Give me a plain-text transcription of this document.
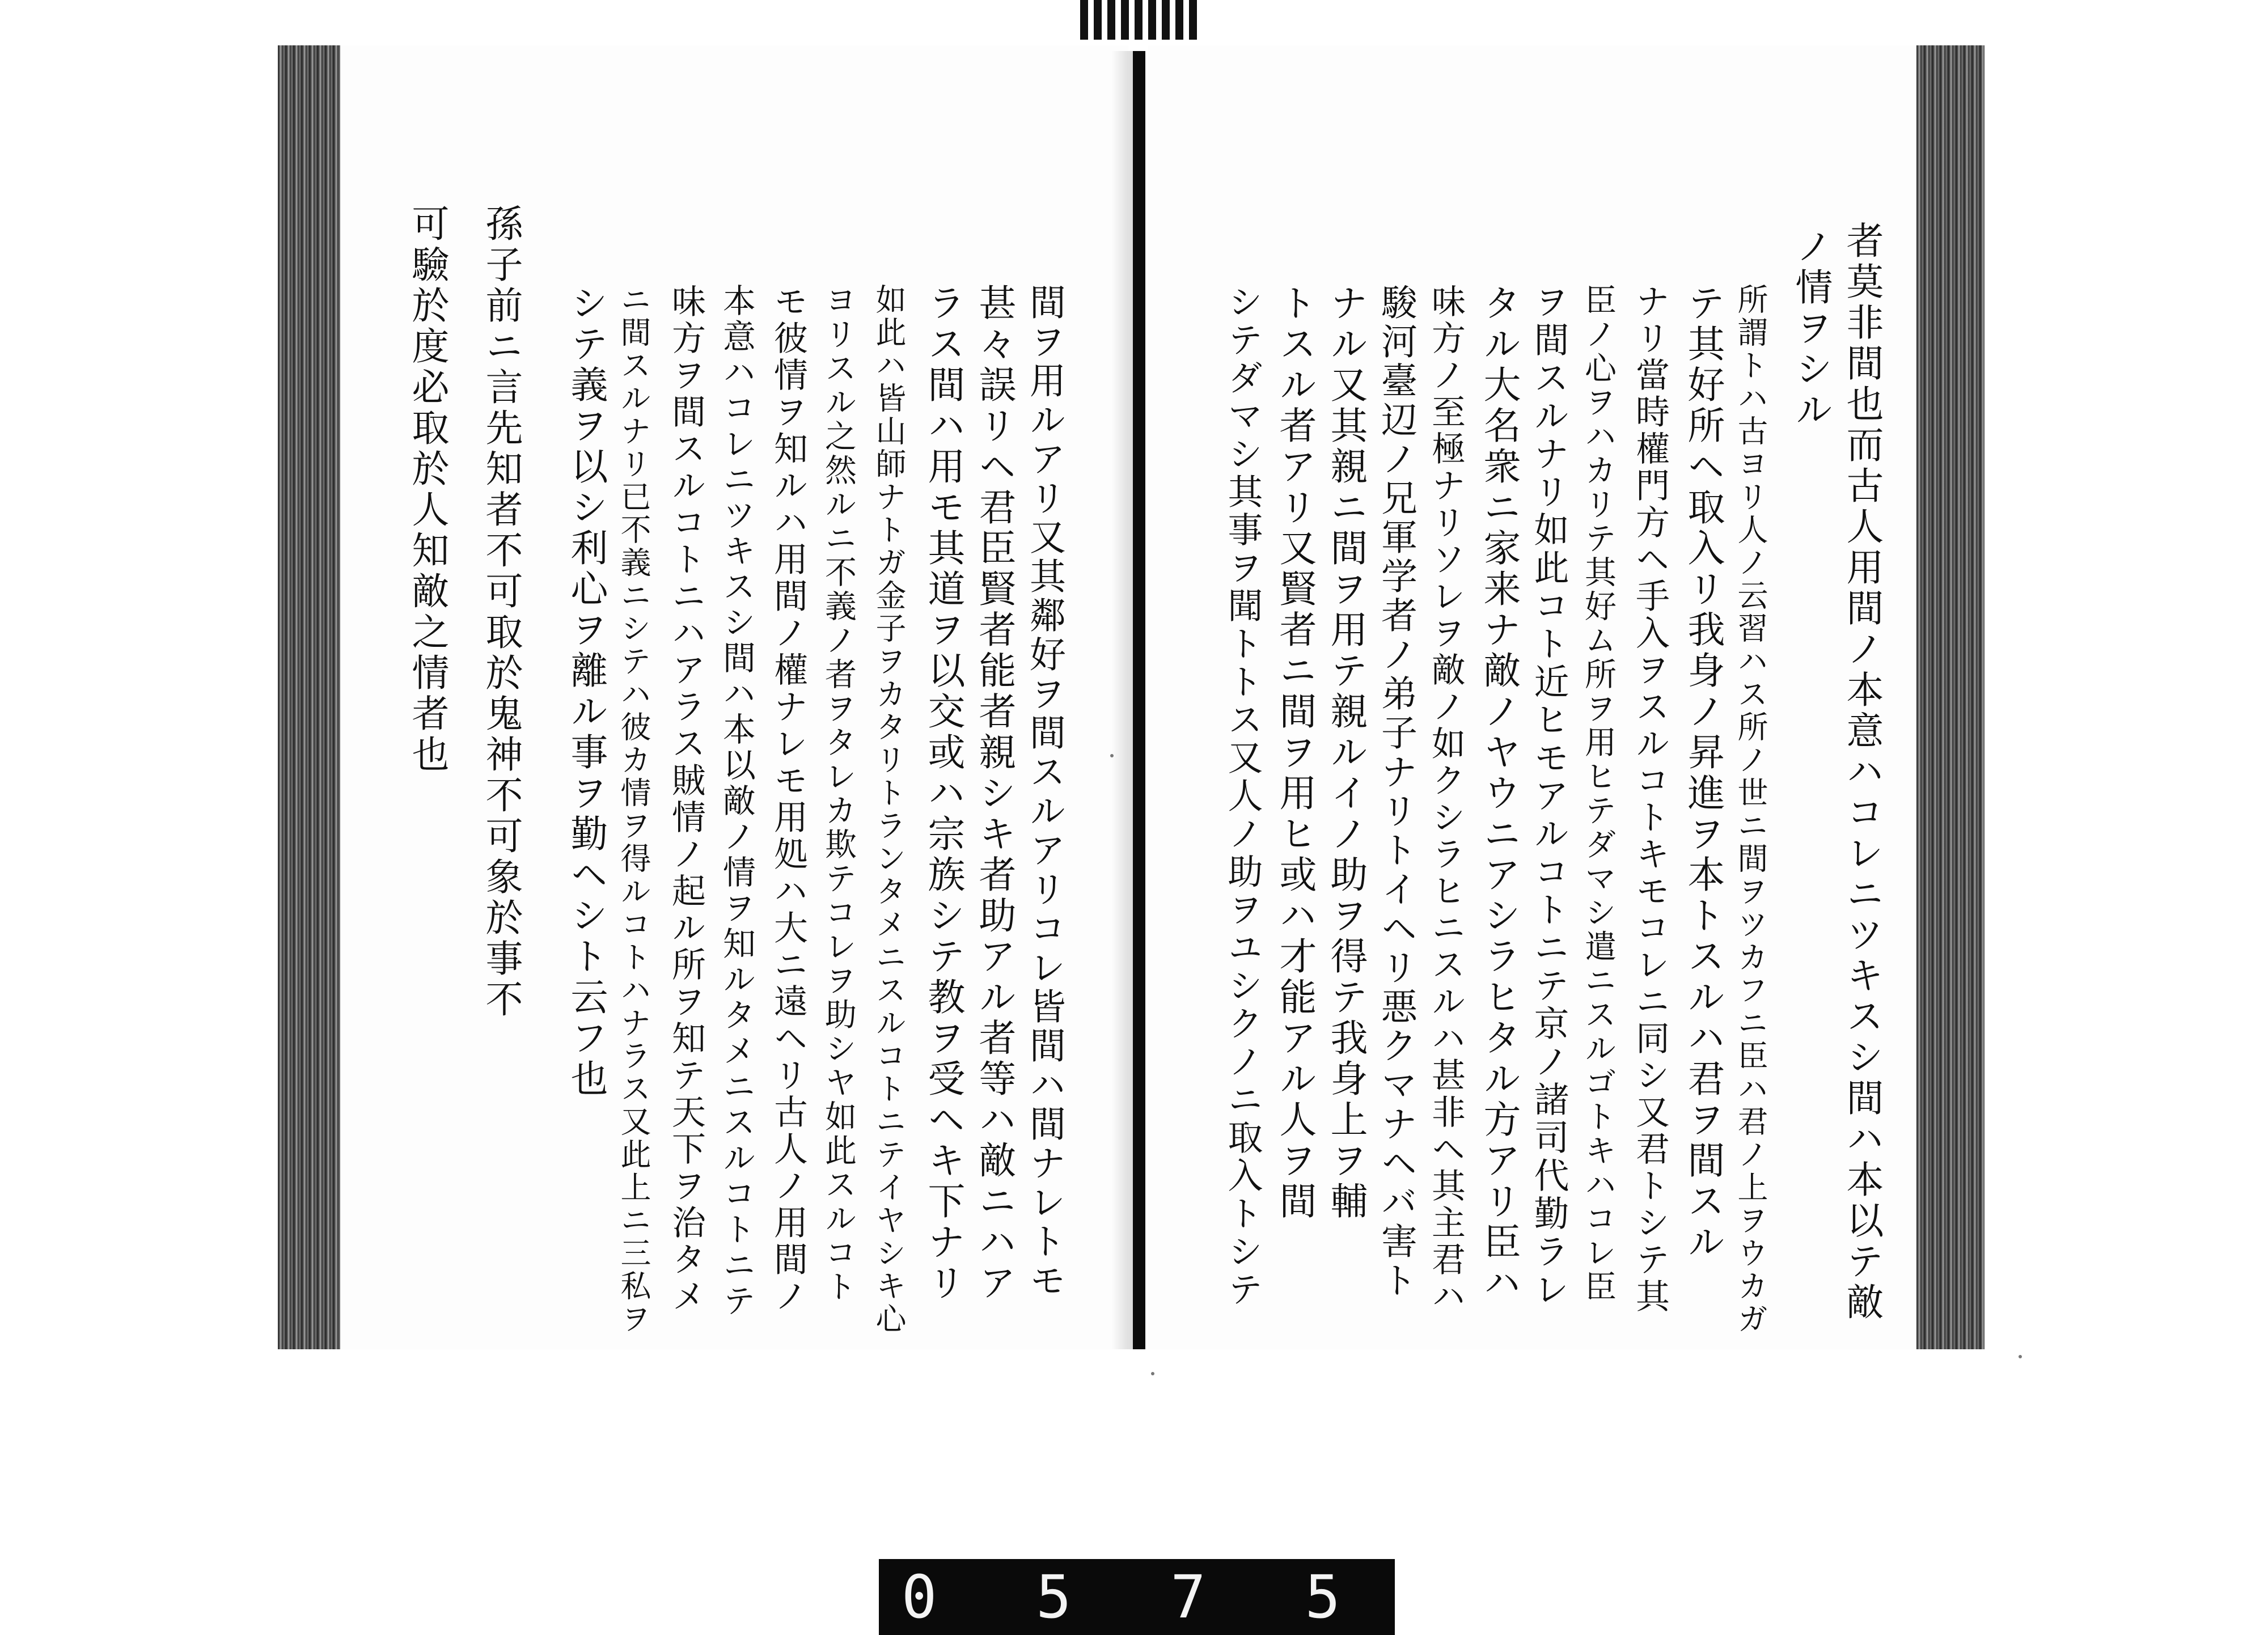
者莫非間也而古人用間ノ本意ハコレニツキスシ間ハ本以テ敵
ノ情ヲシル
所謂トハ古ヨリ人ノ云習ハス所ノ世ニ間ヲツカフニ臣ハ君ノ上ヲウカガ
テ其好所ヘ取入リ我身ノ昇進ヲ本トスルハ君ヲ間スル
ナリ當時權門方ヘ手入ヲスルコトキモコレニ同シ又君トシテ其
臣ノ心ヲハカリテ其好ム所ヲ用ヒテダマシ遣ニスルゴトキハコレ臣
ヲ間スルナリ如此コト近ヒモアルコトニテ京ノ諸司代勤ラレ
タル大名衆ニ家来ナ敵ノヤウニアシラヒタル方アリ臣ハ
味方ノ至極ナリソレヲ敵ノ如クシラヒニスルハ甚非ヘ其主君ハ
駿河臺辺ノ兄軍学者ノ弟子ナリトイヘリ悪クマナヘバ害ト
ナル又其親ニ間ヲ用テ親ルイノ助ヲ得テ我身上ヲ輔
トスル者アリ又賢者ニ間ヲ用ヒ或ハ才能アル人ヲ間
シテダマシ其事ヲ聞トトス又人ノ助ヲユシクノニ取入トシテ
間ヲ用ルアリ又其鄰好ヲ間スルアリコレ皆間ハ間ナレトモ
甚々誤リヘ君臣賢者能者親シキ者助アル者等ハ敵ニハア
ラス間ハ用モ其道ヲ以交或ハ宗族シテ教ヲ受ヘキ下ナリ
如此ハ皆山師ナトガ金子ヲカタリトランタメニスルコトニテイヤシキ心
ヨリスル之然ルニ不義ノ者ヲタレカ欺テコレヲ助シヤ如此スルコト
モ彼情ヲ知ルハ用間ノ權ナレモ用処ハ大ニ遠ヘリ古人ノ用間ノ
本意ハコレニツキスシ間ハ本以敵ノ情ヲ知ルタメニスルコトニテ
味方ヲ間スルコトニハアラス賊情ノ起ル所ヲ知テ天下ヲ治タメ
ニ間スルナリ已不義ニシテハ彼カ情ヲ得ルコトハナラス又此上ニ三私ヲ
シテ義ヲ以シ利心ヲ離ル事ヲ勤ヘシト云フ也
孫子前ニ言先知者不可取於鬼神不可象於事不
可驗於度必取於人知敵之情者也
0 5 7 5
